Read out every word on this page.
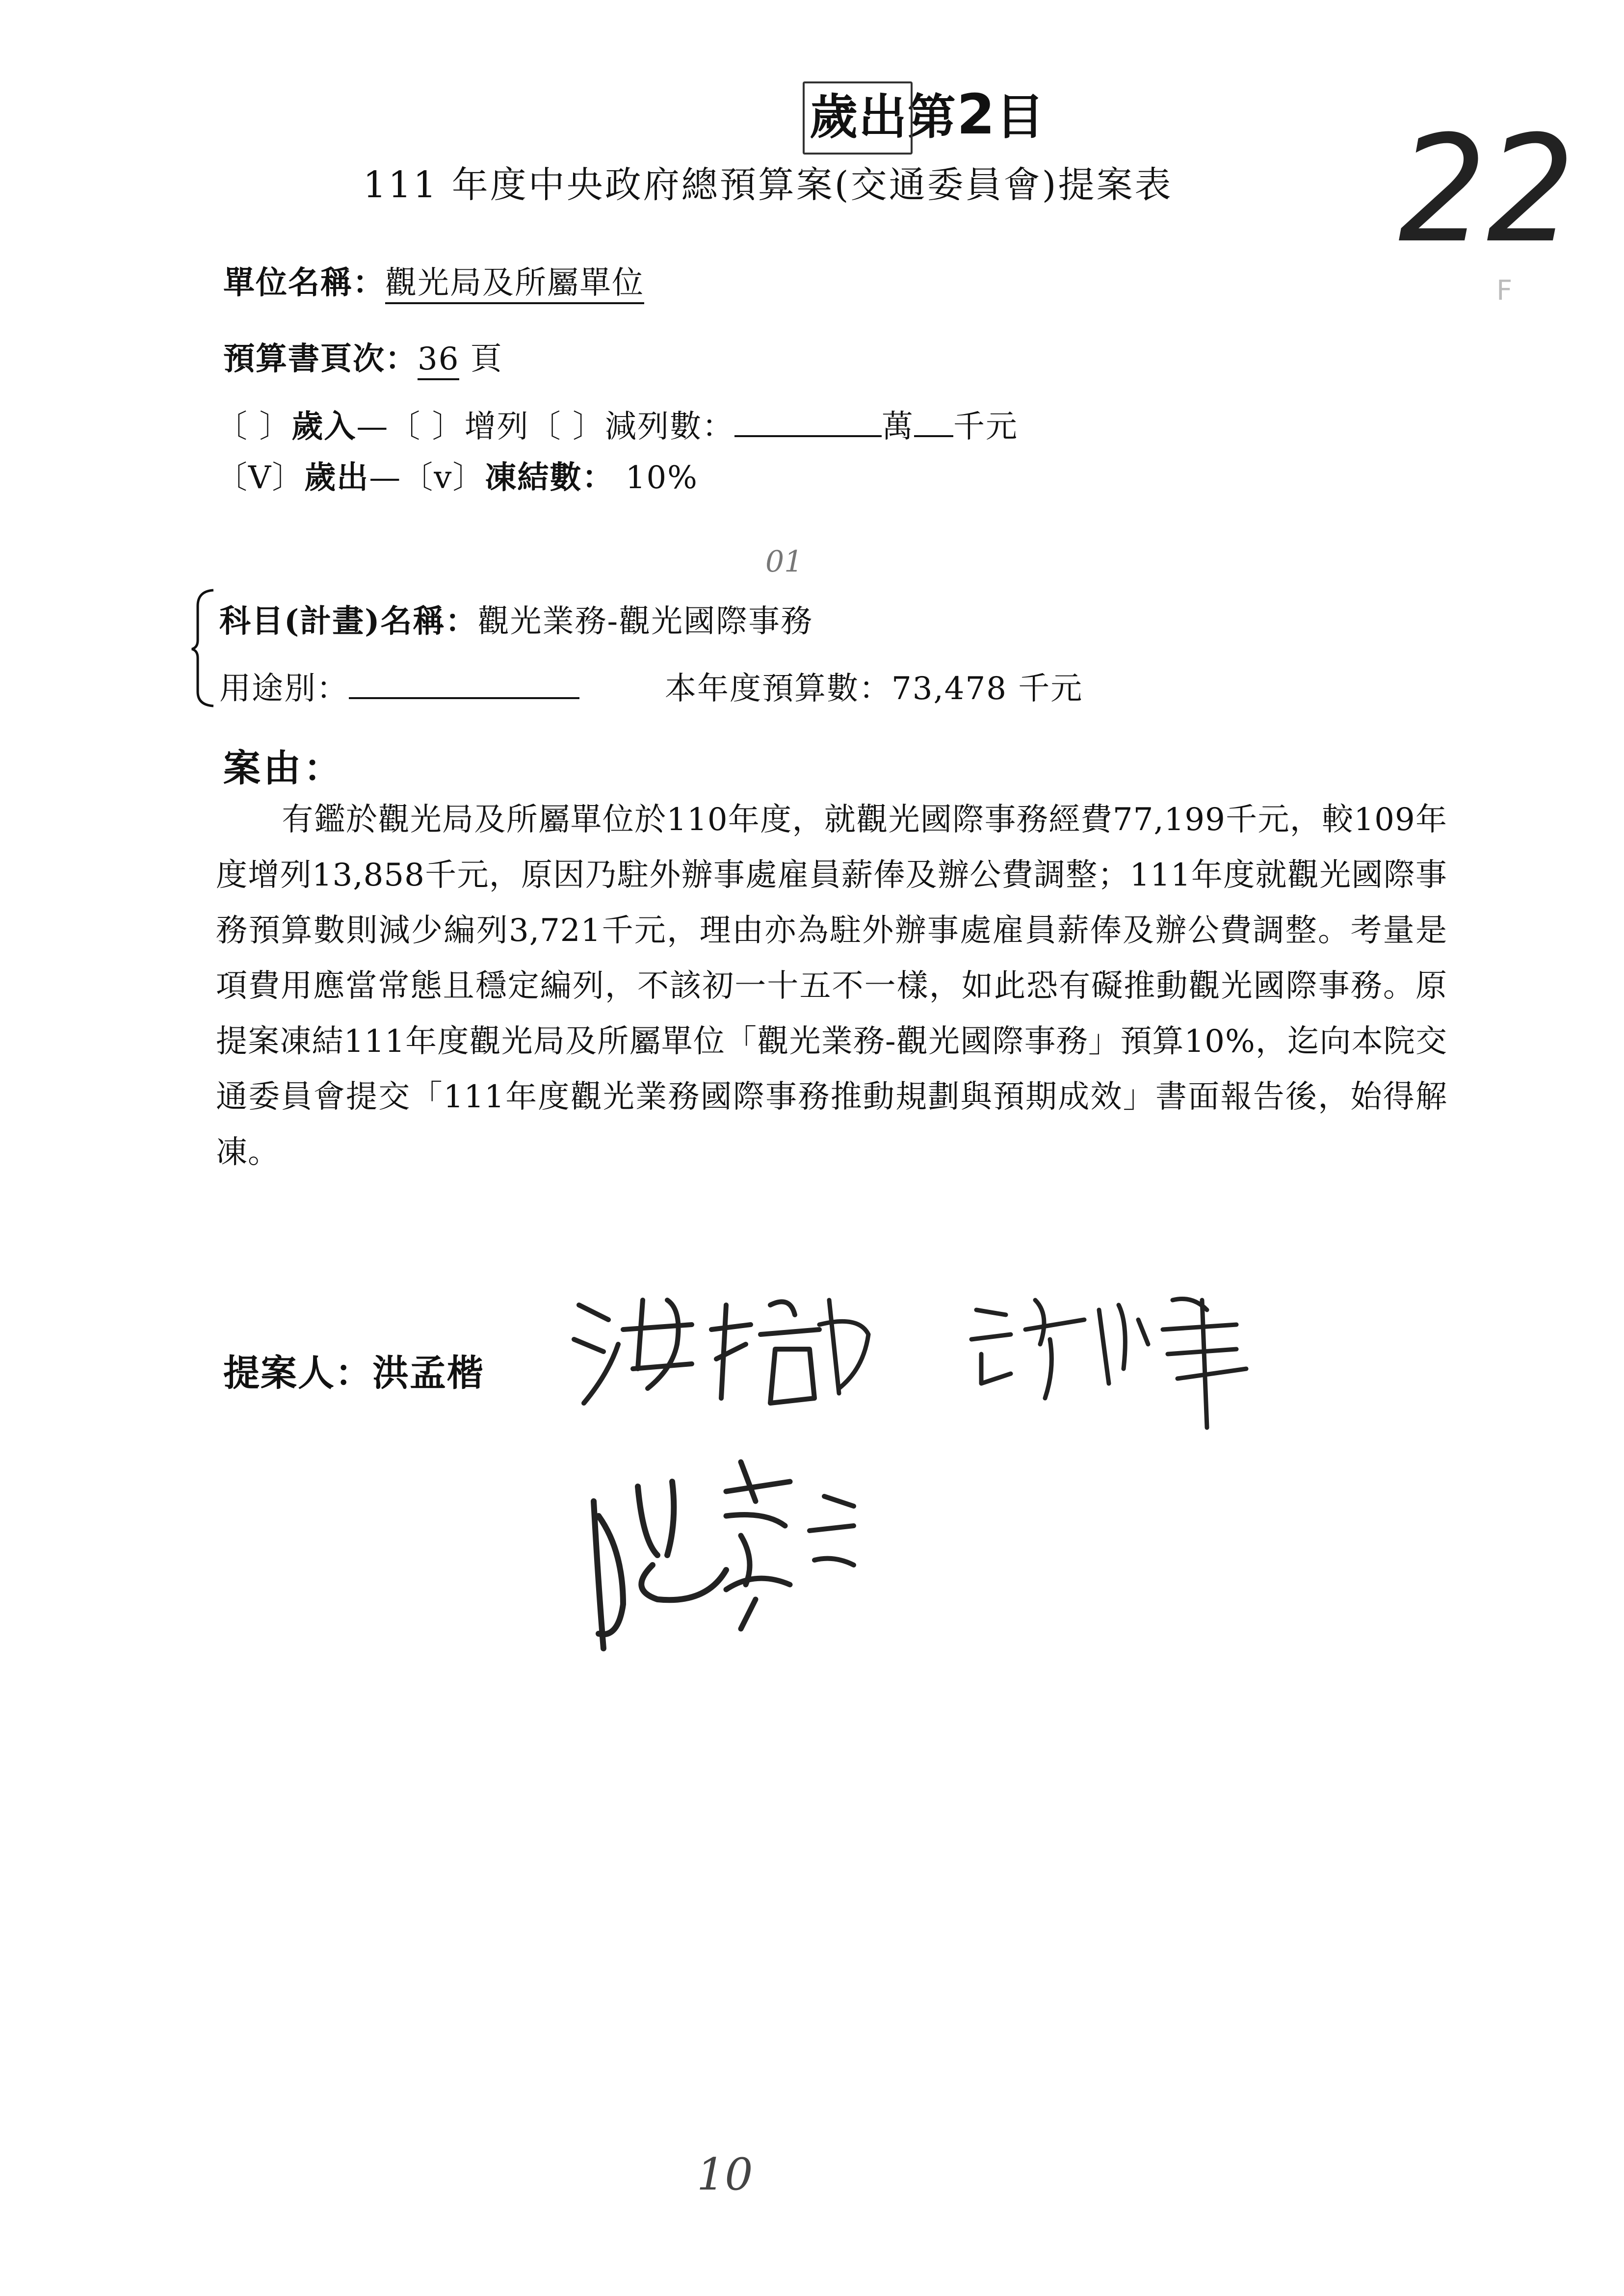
歲出第2目
111 年度中央政府總預算案(交通委員會)提案表 22
F
單位名稱：觀光局及所屬單位
預算書頁次：36 頁
〔 〕歲入—〔 〕增列〔 〕減列數：	萬 千元
〔V〕歲出—〔v〕凍結數： 10%
01
科目(計畫)名稱：觀光業務-觀光國際事務
用途別：	本年度預算數：73,478 千元
案由：

有鑑於觀光局及所屬單位於110年度，就觀光國際事務經費77,199千元，較109年度增列13,858千元，原因乃駐外辦事處雇員薪俸及辦公費調整；111年度就觀光國際事務預算數則減少編列3,721千元，理由亦為駐外辦事處雇員薪俸及辦公費調整。考量是項費用應當常態且穩定編列，不該初一十五不一樣，如此恐有礙推動觀光國際事務。原提案凍結111年度觀光局及所屬單位「觀光業務-觀光國際事務」預算10%，迄向本院交通委員會提交「111年度觀光業務國際事務推動規劃與預期成效」書面報告後，始得解凍。

提案人：洪孟楷
10
